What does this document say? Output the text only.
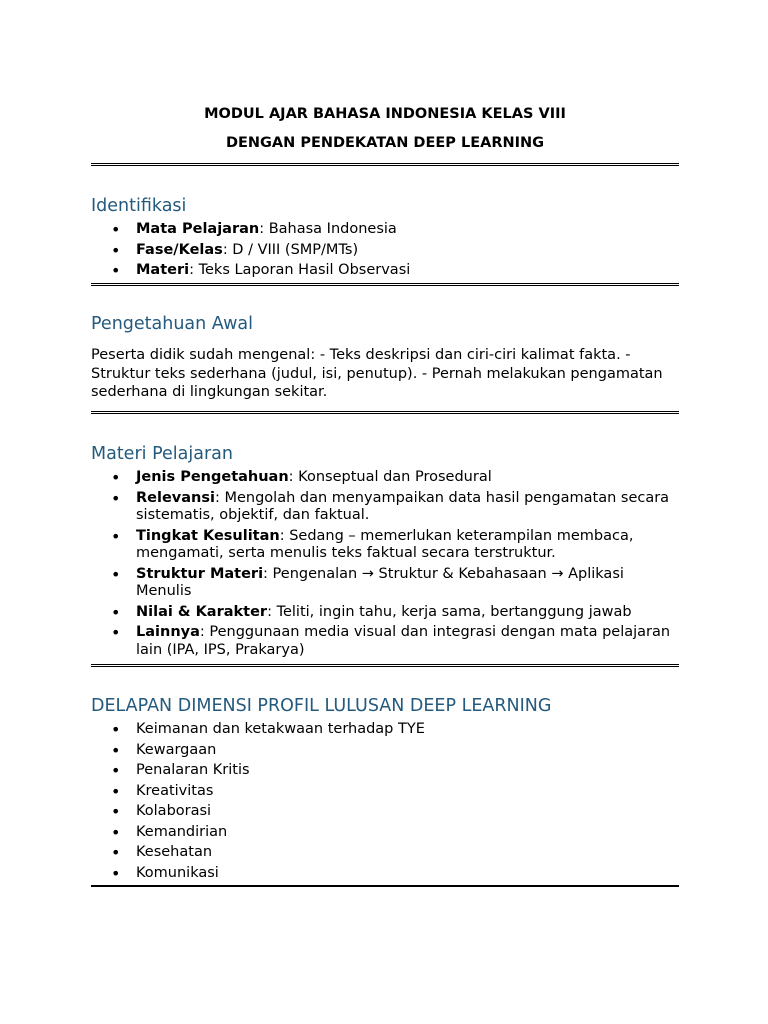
MODUL AJAR BAHASA INDONESIA KELAS VIII

DENGAN PENDEKATAN DEEP LEARNING

Identifikasi
• Mata Pelajaran: Bahasa Indonesia
• Fase/Kelas: D / VIII (SMP/MTs)
• Materi: Teks Laporan Hasil Observasi
Pengetahuan Awal

Peserta didik sudah mengenal: - Teks deskripsi dan ciri-ciri kalimat fakta. - Struktur teks sederhana (judul, isi, penutup). - Pernah melakukan pengamatan sederhana di lingkungan sekitar.

Materi Pelajaran
• Jenis Pengetahuan: Konseptual dan Prosedural
• Relevansi: Mengolah dan menyampaikan data hasil pengamatan secara sistematis, objektif, dan faktual.
• Tingkat Kesulitan: Sedang – memerlukan keterampilan membaca, mengamati, serta menulis teks faktual secara terstruktur.
• Struktur Materi: Pengenalan → Struktur & Kebahasaan → Aplikasi Menulis
• Nilai & Karakter: Teliti, ingin tahu, kerja sama, bertanggung jawab
• Lainnya: Penggunaan media visual dan integrasi dengan mata pelajaran lain (IPA, IPS, Prakarya)
DELAPAN DIMENSI PROFIL LULUSAN DEEP LEARNING
• Keimanan dan ketakwaan terhadap TYE
• Kewargaan
• Penalaran Kritis
• Kreativitas
• Kolaborasi
• Kemandirian
• Kesehatan
• Komunikasi
